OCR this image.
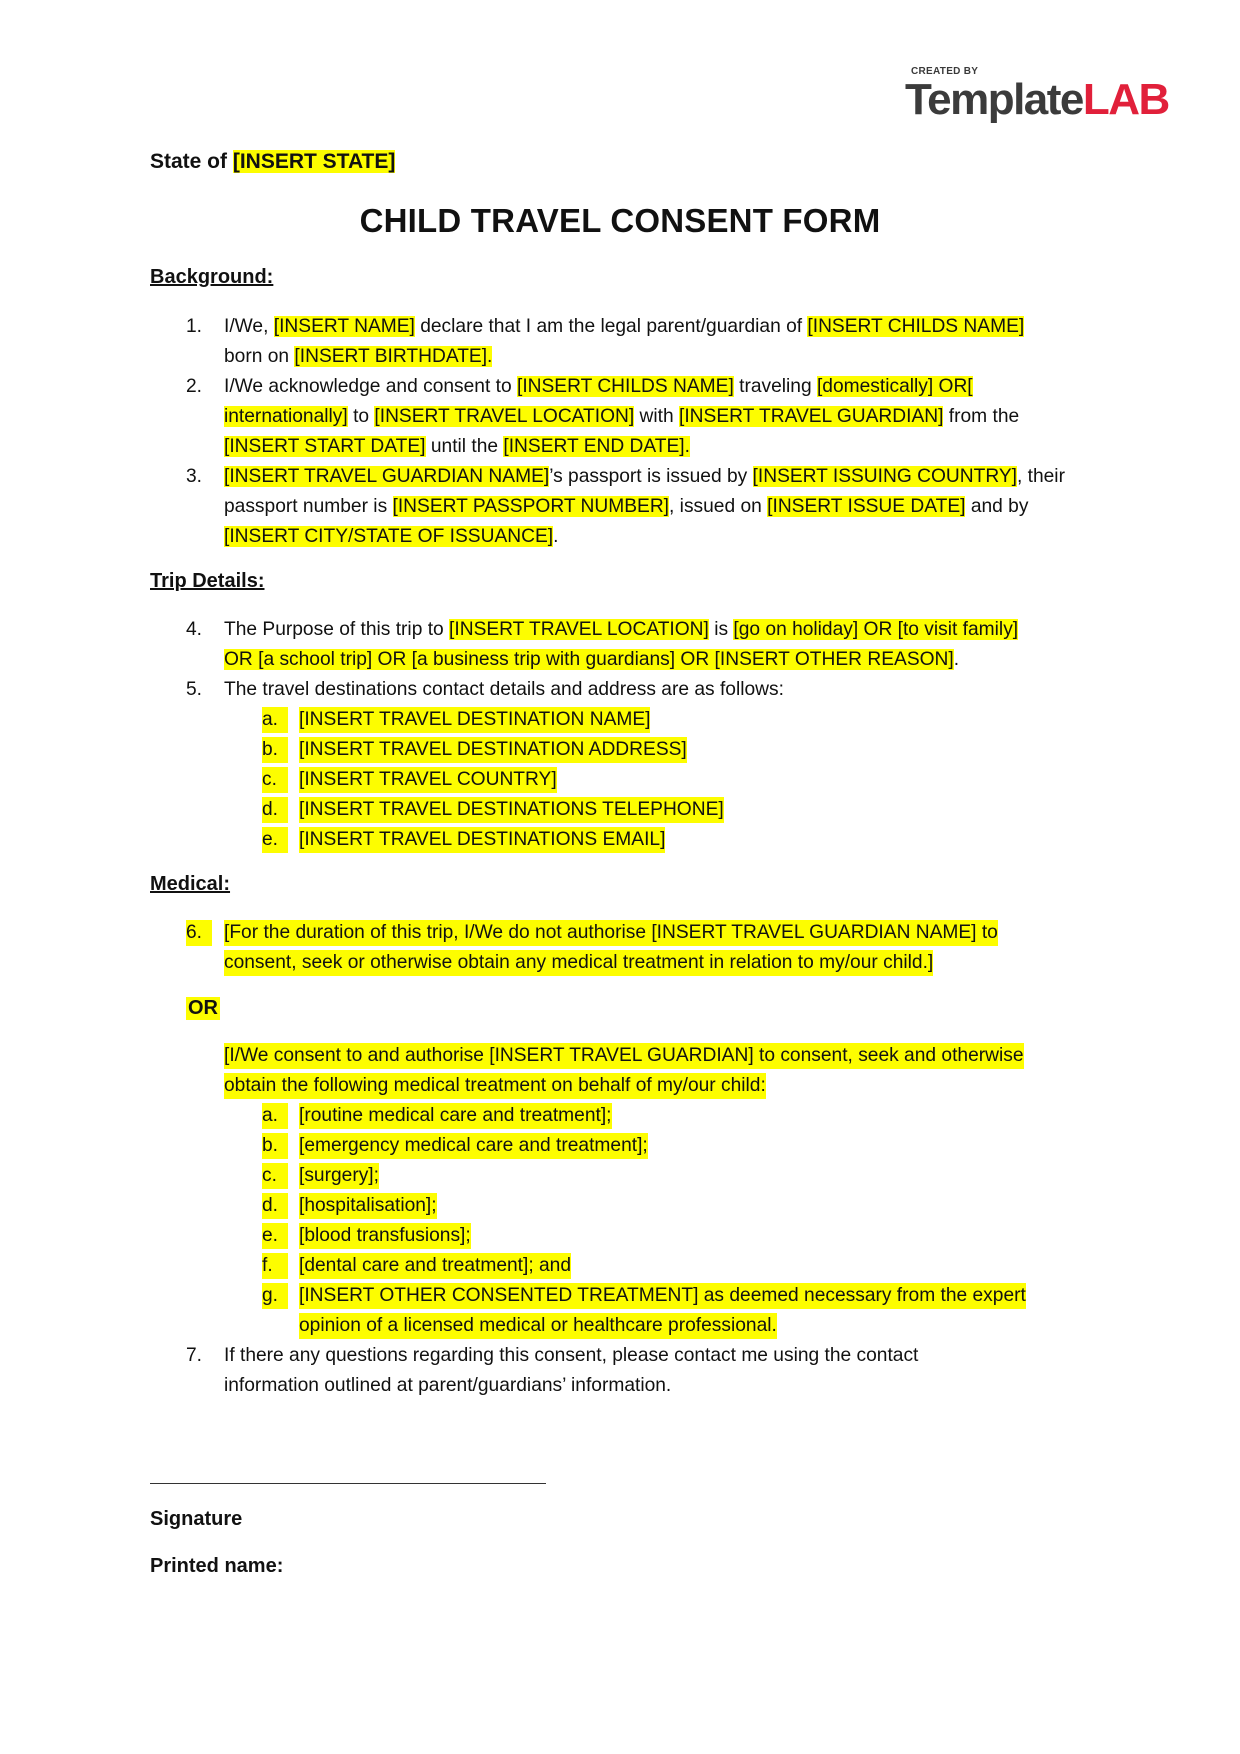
CREATED BY
TemplateLAB
State of [INSERT STATE]
CHILD TRAVEL CONSENT FORM
Background:
1.	I/We, [INSERT NAME] declare that I am the legal parent/guardian of [INSERT CHILDS NAME]
born on [INSERT BIRTHDATE].
2.	I/We acknowledge and consent to [INSERT CHILDS NAME] traveling [domestically] OR[
internationally] to [INSERT TRAVEL LOCATION] with [INSERT TRAVEL GUARDIAN] from the
[INSERT START DATE] until the [INSERT END DATE].
3.	[INSERT TRAVEL GUARDIAN NAME]’s passport is issued by [INSERT ISSUING COUNTRY], their
passport number is [INSERT PASSPORT NUMBER], issued on [INSERT ISSUE DATE] and by
[INSERT CITY/STATE OF ISSUANCE].
Trip Details:
4.	The Purpose of this trip to [INSERT TRAVEL LOCATION] is [go on holiday] OR [to visit family]
OR [a school trip] OR [a business trip with guardians] OR [INSERT OTHER REASON].
5.	The travel destinations contact details and address are as follows:
a.	[INSERT TRAVEL DESTINATION NAME]
b.	[INSERT TRAVEL DESTINATION ADDRESS]
c.	[INSERT TRAVEL COUNTRY]
d.	[INSERT TRAVEL DESTINATIONS TELEPHONE]
e.	[INSERT TRAVEL DESTINATIONS EMAIL]
Medical:
6.	[For the duration of this trip, I/We do not authorise [INSERT TRAVEL GUARDIAN NAME] to
consent, seek or otherwise obtain any medical treatment in relation to my/our child.]
OR
[I/We consent to and authorise [INSERT TRAVEL GUARDIAN] to consent, seek and otherwise
obtain the following medical treatment on behalf of my/our child:
a.	[routine medical care and treatment];
b.	[emergency medical care and treatment];
c.	[surgery];
d.	[hospitalisation];
e.	[blood transfusions];
f.	[dental care and treatment]; and
g.	[INSERT OTHER CONSENTED TREATMENT] as deemed necessary from the expert
opinion of a licensed medical or healthcare professional.
7.	If there any questions regarding this consent, please contact me using the contact
information outlined at parent/guardians’ information.
Signature
Printed name:
